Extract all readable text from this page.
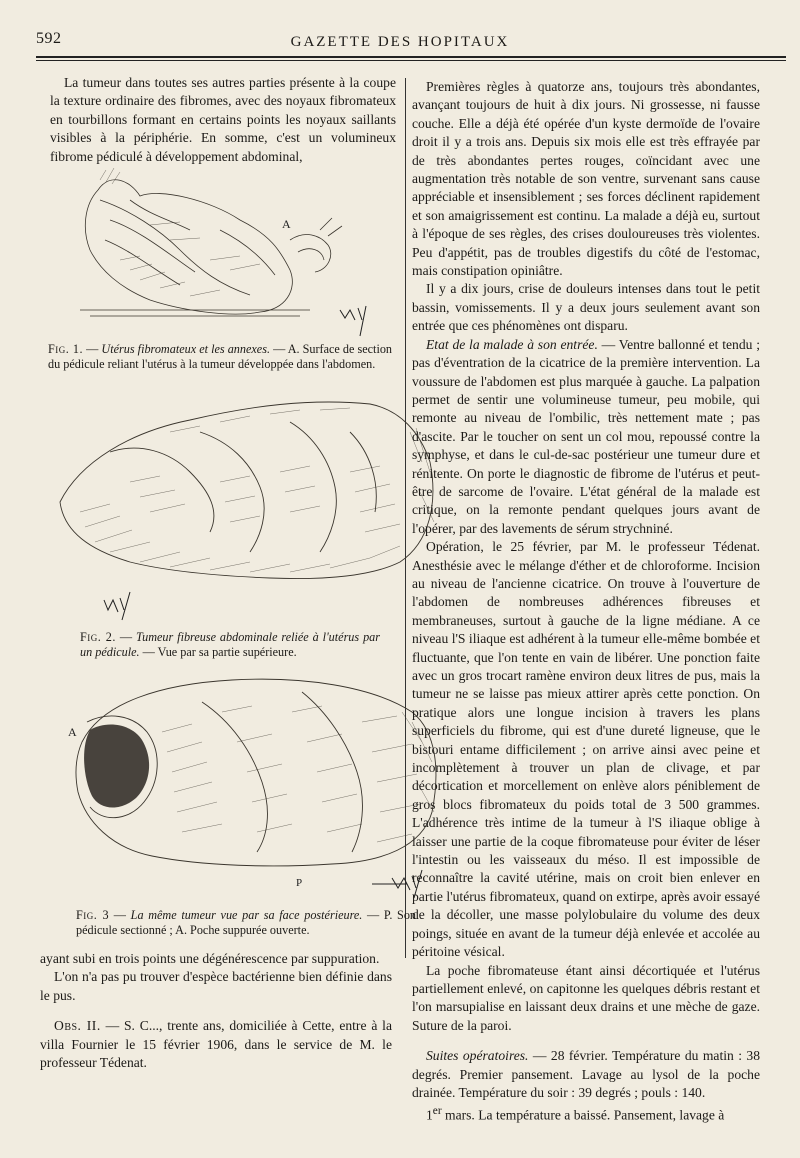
592	GAZETTE DES HOPITAUX

La tumeur dans toutes ses autres parties présente à la coupe la texture ordinaire des fibromes, avec des noyaux fibromateux en tourbillons formant en certains points les noyaux saillants visibles à la périphérie. En somme, c'est un volumineux fibrome pédiculé à développement abdominal,

A
Fig. 1. — Utérus fibromateux et les annexes. — A. Surface de section du pédicule reliant l'utérus à la tumeur développée dans l'abdomen.
Fig. 2. — Tumeur fibreuse abdominale reliée à l'utérus par un pédicule. — Vue par sa partie supérieure.
A
P
Fig. 3 — La même tumeur vue par sa face postérieure. — P. Son pédicule sectionné ; A. Poche suppurée ouverte.

ayant subi en trois points une dégénérescence par suppuration.

L'on n'a pas pu trouver d'espèce bactérienne bien définie dans le pus.

Obs. II. — S. C..., trente ans, domiciliée à Cette, entre à la villa Fournier le 15 février 1906, dans le service de M. le professeur Tédenat.

Premières règles à quatorze ans, toujours très abondantes, avançant toujours de huit à dix jours. Ni grossesse, ni fausse couche. Elle a déjà été opérée d'un kyste dermoïde de l'ovaire droit il y a trois ans. Depuis six mois elle est très effrayée par de très abondantes pertes rouges, coïncidant avec une augmentation très notable de son ventre, survenant sans cause appréciable et insensiblement ; ses forces déclinent rapidement et son amaigrissement est continu. La malade a déjà eu, surtout à l'époque de ses règles, des crises douloureuses très violentes. Peu d'appétit, pas de troubles digestifs du côté de l'estomac, mais constipation opiniâtre.

Il y a dix jours, crise de douleurs intenses dans tout le petit bassin, vomissements. Il y a deux jours seulement avant son entrée que ces phénomènes ont disparu.

Etat de la malade à son entrée. — Ventre ballonné et tendu ; pas d'éventration de la cicatrice de la première intervention. La voussure de l'abdomen est plus marquée à gauche. La palpation permet de sentir une volumineuse tumeur, peu mobile, qui remonte au niveau de l'ombilic, très nettement mate ; pas d'ascite. Par le toucher on sent un col mou, repoussé contre la symphyse, et dans le cul-de-sac postérieur une tumeur dure et rénitente. On porte le diagnostic de fibrome de l'utérus et peut-être de sarcome de l'ovaire. L'état général de la malade est critique, on la remonte pendant quelques jours avant de l'opérer, par des lavements de sérum strychniné.

Opération, le 25 février, par M. le professeur Tédenat. Anesthésie avec le mélange d'éther et de chloroforme. Incision au niveau de l'ancienne cicatrice. On trouve à l'ouverture de l'abdomen de nombreuses adhérences fibreuses et membraneuses, surtout à gauche de la ligne médiane. A ce niveau l'S iliaque est adhérent à la tumeur elle-même bombée et fluctuante, que l'on tente en vain de libérer. Une ponction faite avec un gros trocart ramène environ deux litres de pus, mais la tumeur ne se laisse pas mieux attirer après cette ponction. On pratique alors une longue incision à travers les plans superficiels du fibrome, qui est d'une dureté ligneuse, que le bistouri entame difficilement ; on arrive ainsi avec peine et incomplètement à trouver un plan de clivage, et par décortication et morcellement on enlève alors péniblement de gros blocs fibromateux du poids total de 3 500 grammes. L'adhérence très intime de la tumeur à l'S iliaque oblige à laisser une partie de la coque fibromateuse pour éviter de léser l'intestin ou les vaisseaux du méso. Il est impossible de reconnaître la cavité utérine, mais on croit bien enlever en partie l'utérus fibromateux, quand on extirpe, après avoir essayé de la décoller, une masse polylobulaire du volume des deux poings, située en avant de la tumeur déjà enlevée et accolée au péritoine vésical.

La poche fibromateuse étant ainsi décortiquée et l'utérus partiellement enlevé, on capitonne les quelques débris restant et l'on marsupialise en laissant deux drains et une mèche de gaze. Suture de la paroi.

Suites opératoires. — 28 février. Température du matin : 38 degrés. Premier pansement. Lavage au lysol de la poche drainée. Température du soir : 39 degrés ; pouls : 140.

1er mars. La température a baissé. Pansement, lavage à
